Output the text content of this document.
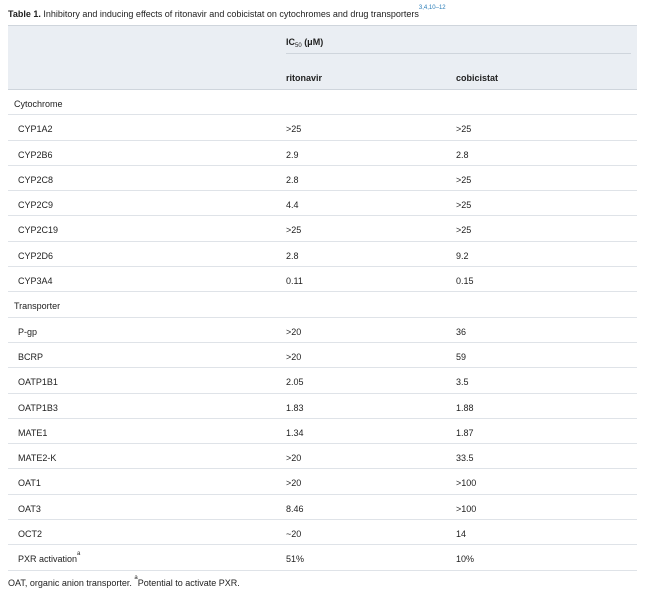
Table 1. Inhibitory and inducing effects of ritonavir and cobicistat on cytochromes and drug transporters$^{3,4,10-12}$
$IC_{50}$ (μM)
ritonavir	cobicistat
Cytochrome
CYP1A2	>25	>25
CYP2B6	2.9	2.8
CYP2C8	2.8	>25
CYP2C9	4.4	>25
CYP2C19	>25	>25
CYP2D6	2.8	9.2
CYP3A4	0.11	0.15
Transporter
P-gp	>20	36
BCRP	>20	59
OATP1B1	2.05	3.5
OATP1B3	1.83	1.88
MATE1	1.34	1.87
MATE2-K	>20	33.5
OAT1	>20	>100
OAT3	8.46	>100
OCT2	~20	14
PXR activation$^a$	51%	10%
OAT, organic anion transporter. $^a$Potential to activate PXR.
